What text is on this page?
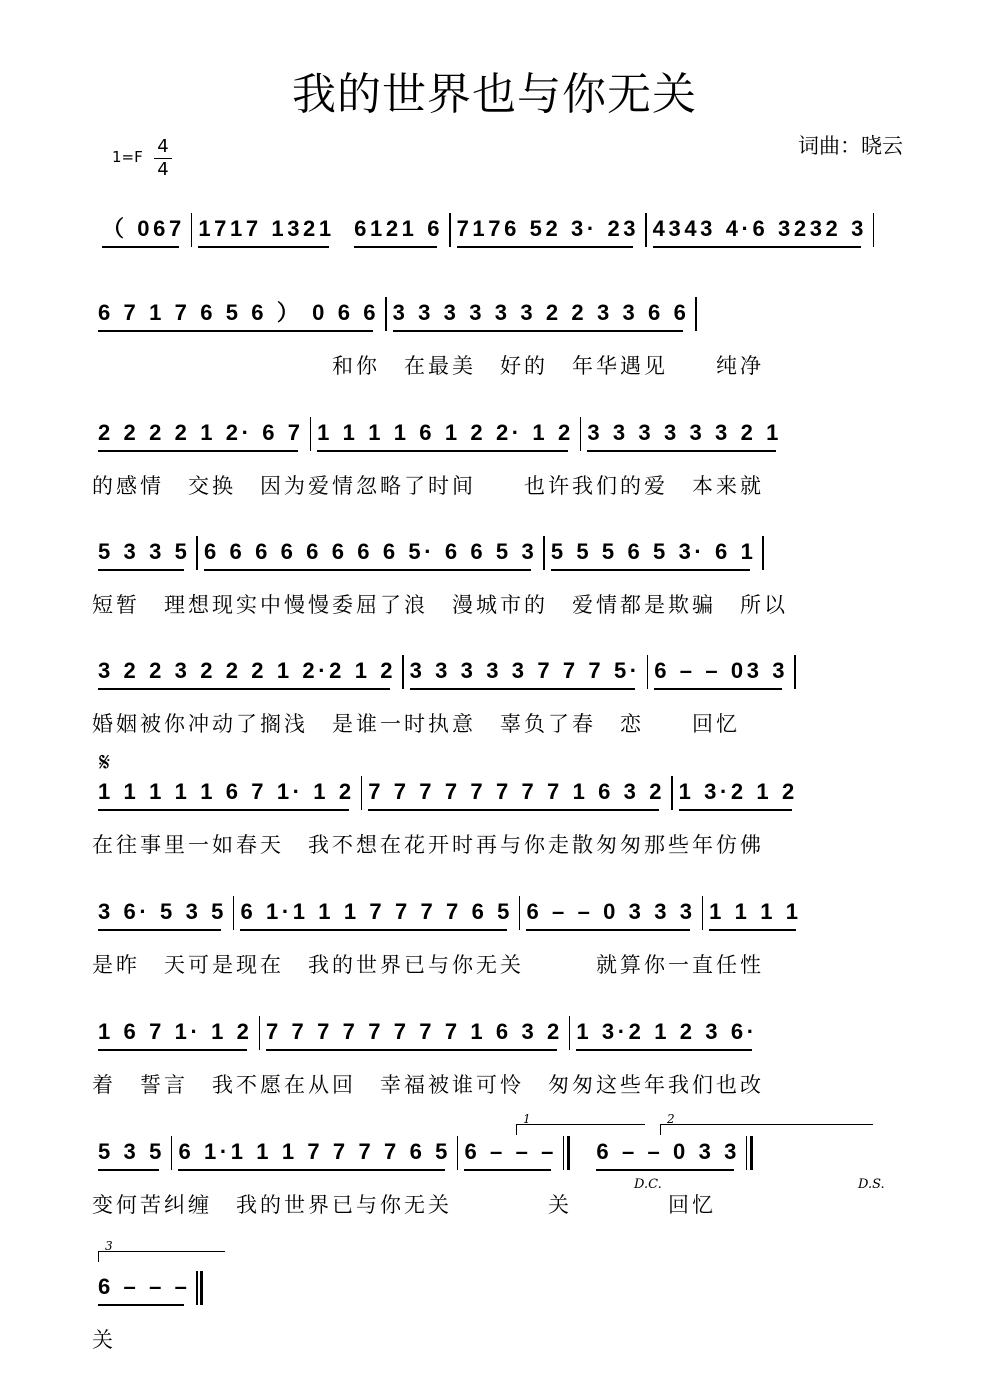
我的世界也与你无关
词曲：晓云
1=F 4
4
（ 067 1717 1321 6121 6 7176 52 3· 23 4343 4·6 3232 3
6 7 1 7 6 5 6 ） 0 6 6 3 3 3 3 3 3 2 2 3 3 6 6
　　　　　　　　　　和你　在最美　好的　年华遇见　　纯净
2 2 2 2 1 2· 6 7 1 1 1 1 6 1 2 2· 1 2 3 3 3 3 3 3 2 1
的感情　交换　因为爱情忽略了时间　　也许我们的爱　本来就
5 3 3 5 6 6 6 6 6 6 6 6 5· 6 6 5 3 5 5 5 6 5 3· 6 1
短暂　理想现实中慢慢委屈了浪　漫城市的　爱情都是欺骗　所以
3 2 2 3 2 2 2 1 2·2 1 2 3 3 3 3 3 7 7 7 5· 6 – – 03 3
婚姻被你冲动了搁浅　是谁一时执意　辜负了春　恋　　回忆
𝄋
1 1 1 1 1 6 7 1· 1 2 7 7 7 7 7 7 7 7 1 6 3 2 1 3·2 1 2
在往事里一如春天　我不想在花开时再与你走散匆匆那些年仿佛
3 6· 5 3 5 6 1·1 1 1 7 7 7 7 6 5 6 – – 0 3 3 3 1 1 1 1
是昨　天可是现在　我的世界已与你无关　　　就算你一直任性
1 6 7 1· 1 2 7 7 7 7 7 7 7 7 1 6 3 2 1 3·2 1 2 3 6·
着　誓言　我不愿在从回　幸福被谁可怜　匆匆这些年我们也改
1	2
5 3 5 6 1·1 1 1 7 7 7 7 6 5 6 – – – 6 – – 0 3 3
变何苦纠缠　我的世界已与你无关　　　　关　　　　回忆
D.C.	D.S.
3
6 – – –
关
